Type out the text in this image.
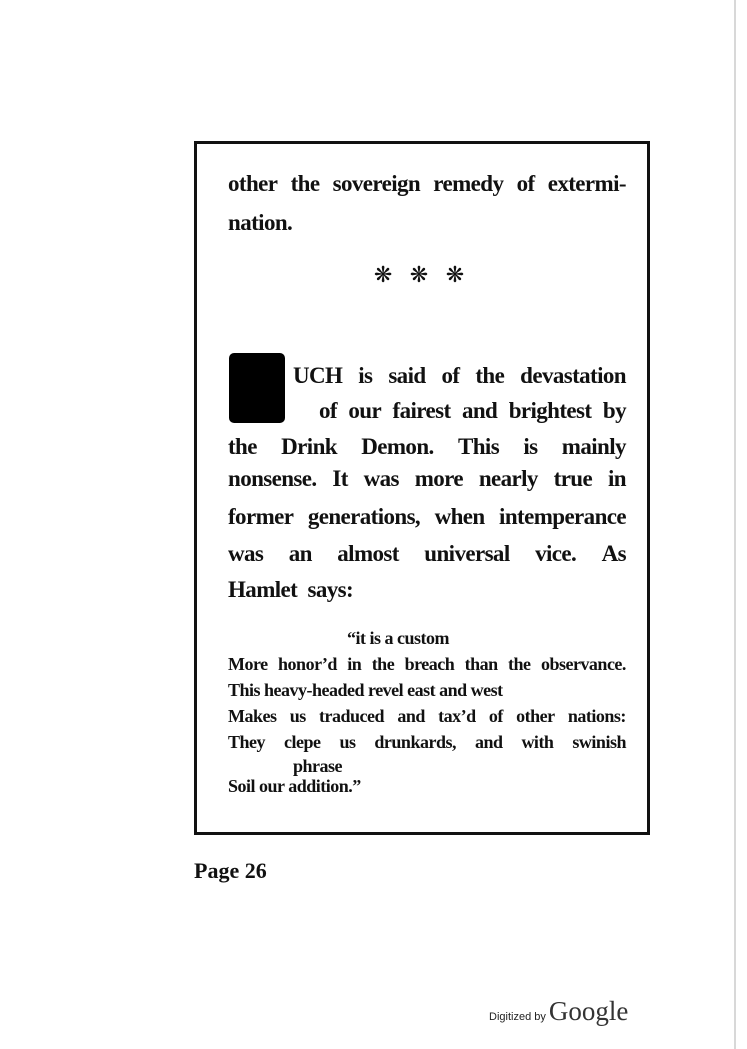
other the sovereign remedy of extermi-
nation.
❋ ❋ ❋
UCH is said of the devastation
of our fairest and brightest by
the Drink Demon. This is mainly
nonsense. It was more nearly true in
former generations, when intemperance
was an almost universal vice. As
Hamlet  says:
“it is a custom
More honor’d in the breach than the observance.
This heavy-headed revel east and west
Makes us traduced and tax’d of other nations:
They clepe us drunkards, and with swinish
phrase
Soil our addition.”
Page 26
Digitized by Google
